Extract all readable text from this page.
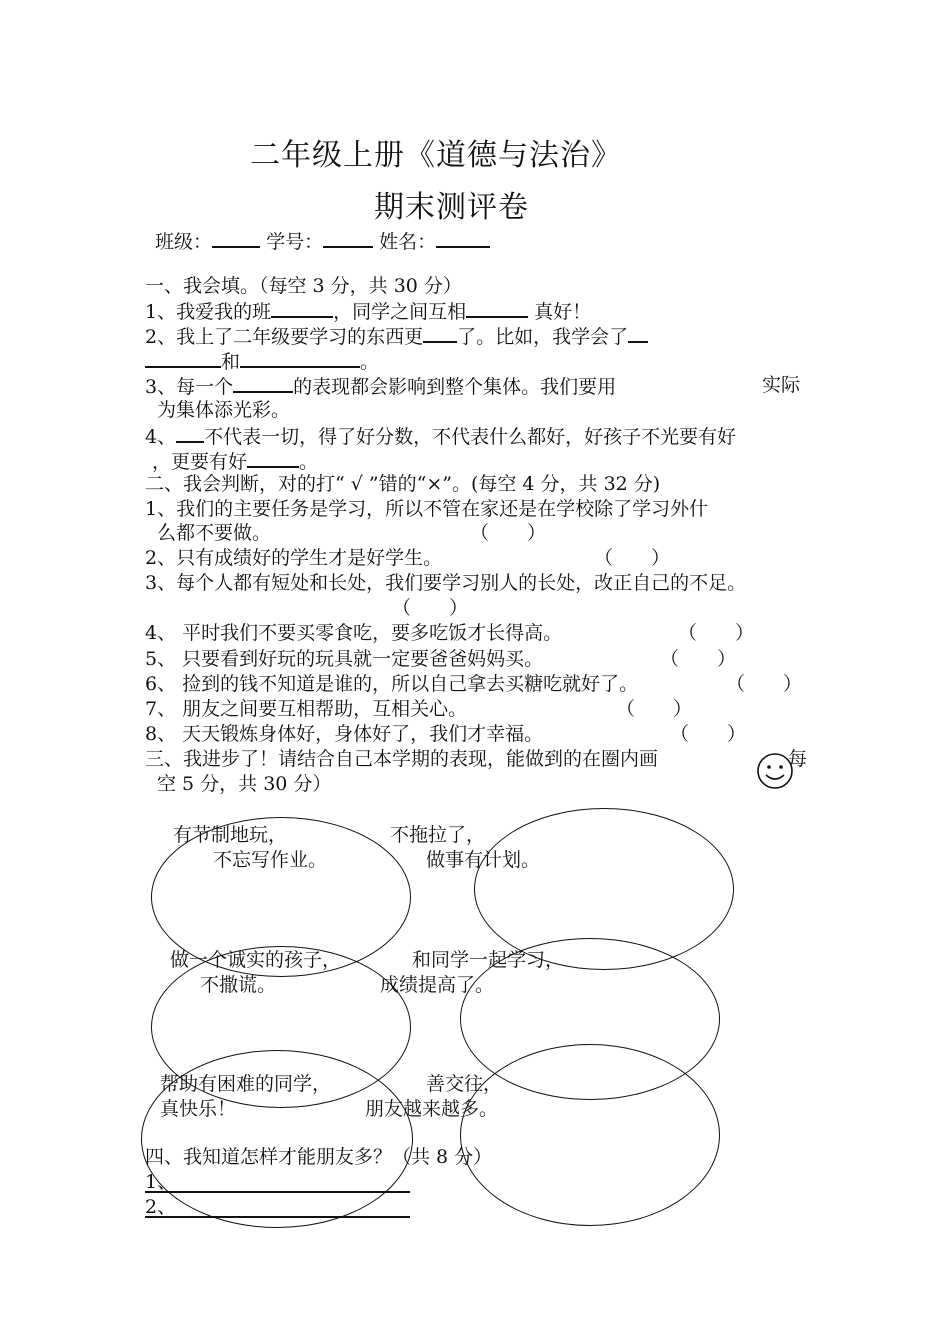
二年级上册《道德与法治》
期末测评卷
班级：	学号：	姓名：
一、我会填。（每空 3 分，共 30 分）
1、我爱我的班	，同学之间互相	真好！
2、我上了二年级要学习的东西更 了。比如，我学会了
和	。
3、每一个	的表现都会影响到整个集体。我们要用	实际
为集体添光彩。
4、 不代表一切，得了好分数，不代表什么都好，好孩子不光要有好
，更要有好	。
二、我会判断，对的打“ √ ”错的“×”。(每空 4 分，共 32 分)
1、我们的主要任务是学习，所以不管在家还是在学校除了学习外什
么都不要做。	（　　）
2、只有成绩好的学生才是好学生。	（　　）
3、每个人都有短处和长处，我们要学习别人的长处，改正自己的不足。
（　　）
4、 平时我们不要买零食吃，要多吃饭才长得高。	（　　）
5、 只要看到好玩的玩具就一定要爸爸妈妈买。	（　　）
6、 捡到的钱不知道是谁的，所以自己拿去买糖吃就好了。	（　　）
7、 朋友之间要互相帮助，互相关心。	（　　）
8、 天天锻炼身体好，身体好了，我们才幸福。	（　　）
三、我进步了！请结合自己本学期的表现，能做到的在圈内画	每
空 5 分，共 30 分）
有节制地玩，
不忘写作业。
不拖拉了，
做事有计划。
做一个诚实的孩子，
不撒谎。
和同学一起学习，
成绩提高了。
帮助有困难的同学，
真快乐！
善交往，
朋友越来越多。
四、我知道怎样才能朋友多？（共 8 分）
1、
2、
